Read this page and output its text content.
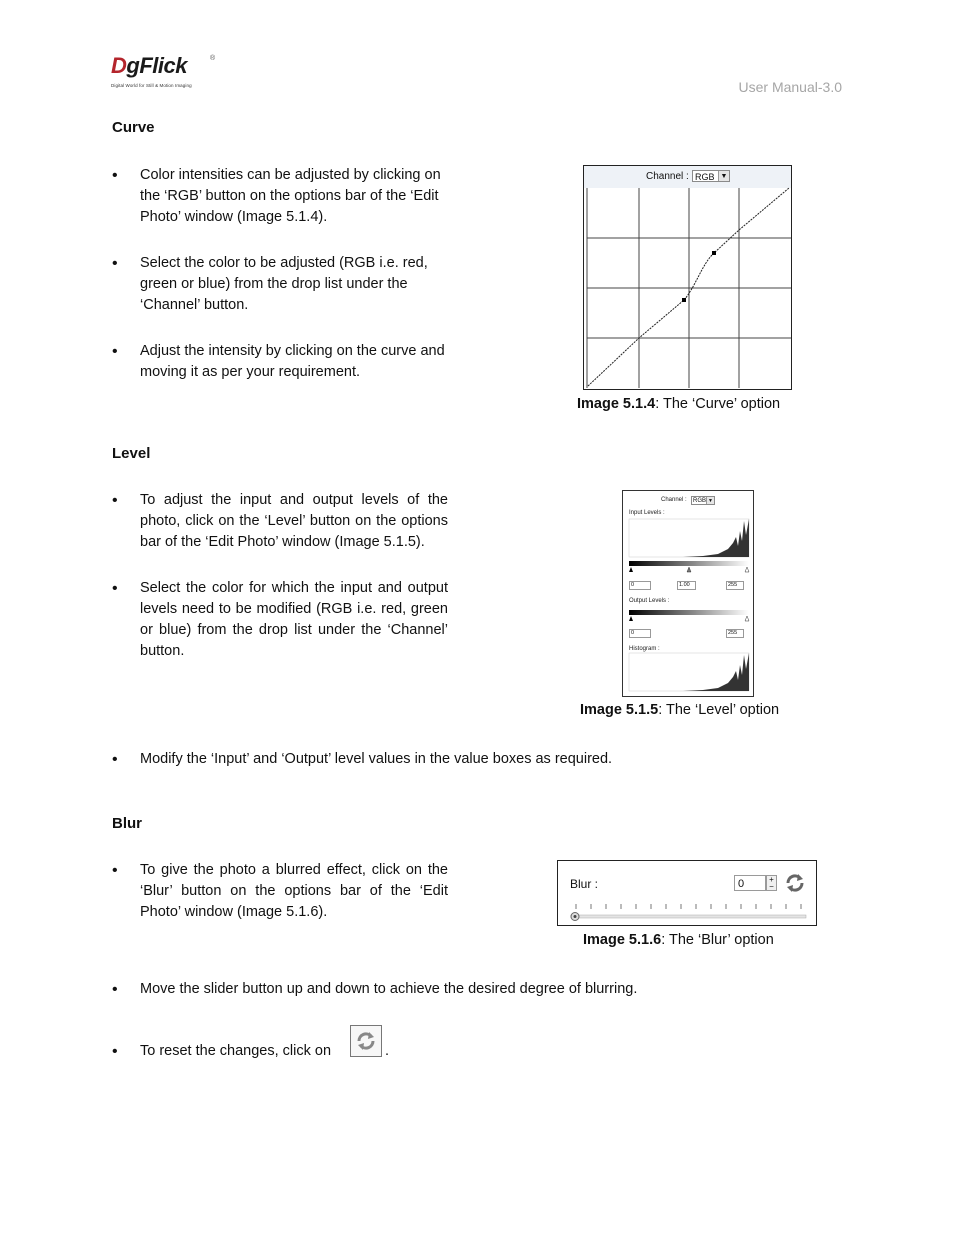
DgFlick	®
Digital World for Still & Motion Imaging	User Manual-3.0
Curve
• Color intensities can be adjusted by clicking on the ‘RGB’ button on the options bar of the ‘Edit Photo’ window (Image 5.1.4).
• Select the color to be adjusted (RGB i.e. red, green or blue) from the drop list under the ‘Channel’ button.
• Adjust the intensity by clicking on the curve and moving it as per your requirement.
Channel : RGB ▼
Image 5.1.4: The ‘Curve’ option
Level
• To adjust the input and output levels of the photo, click on the ‘Level’ button on the options bar of the ‘Edit Photo’ window (Image 5.1.5).
• Select the color for which the input and output levels need to be modified (RGB i.e. red, green or blue) from the drop list under the ‘Channel’ button.
Channel :	RGB ▼
Input Levels :
0	1.00	255
Output Levels :
0	255
Histogram :
Image 5.1.5: The ‘Level’ option
• Modify the ‘Input’ and ‘Output’ level values in the value boxes as required.
Blur
• To give the photo a blurred effect, click on the ‘Blur’ button on the options bar of the ‘Edit Photo’ window (Image 5.1.6).
Blur :	0	+
−
Image 5.1.6: The ‘Blur’ option
• Move the slider button up and down to achieve the desired degree of blurring.
• To reset the changes, click on	.
